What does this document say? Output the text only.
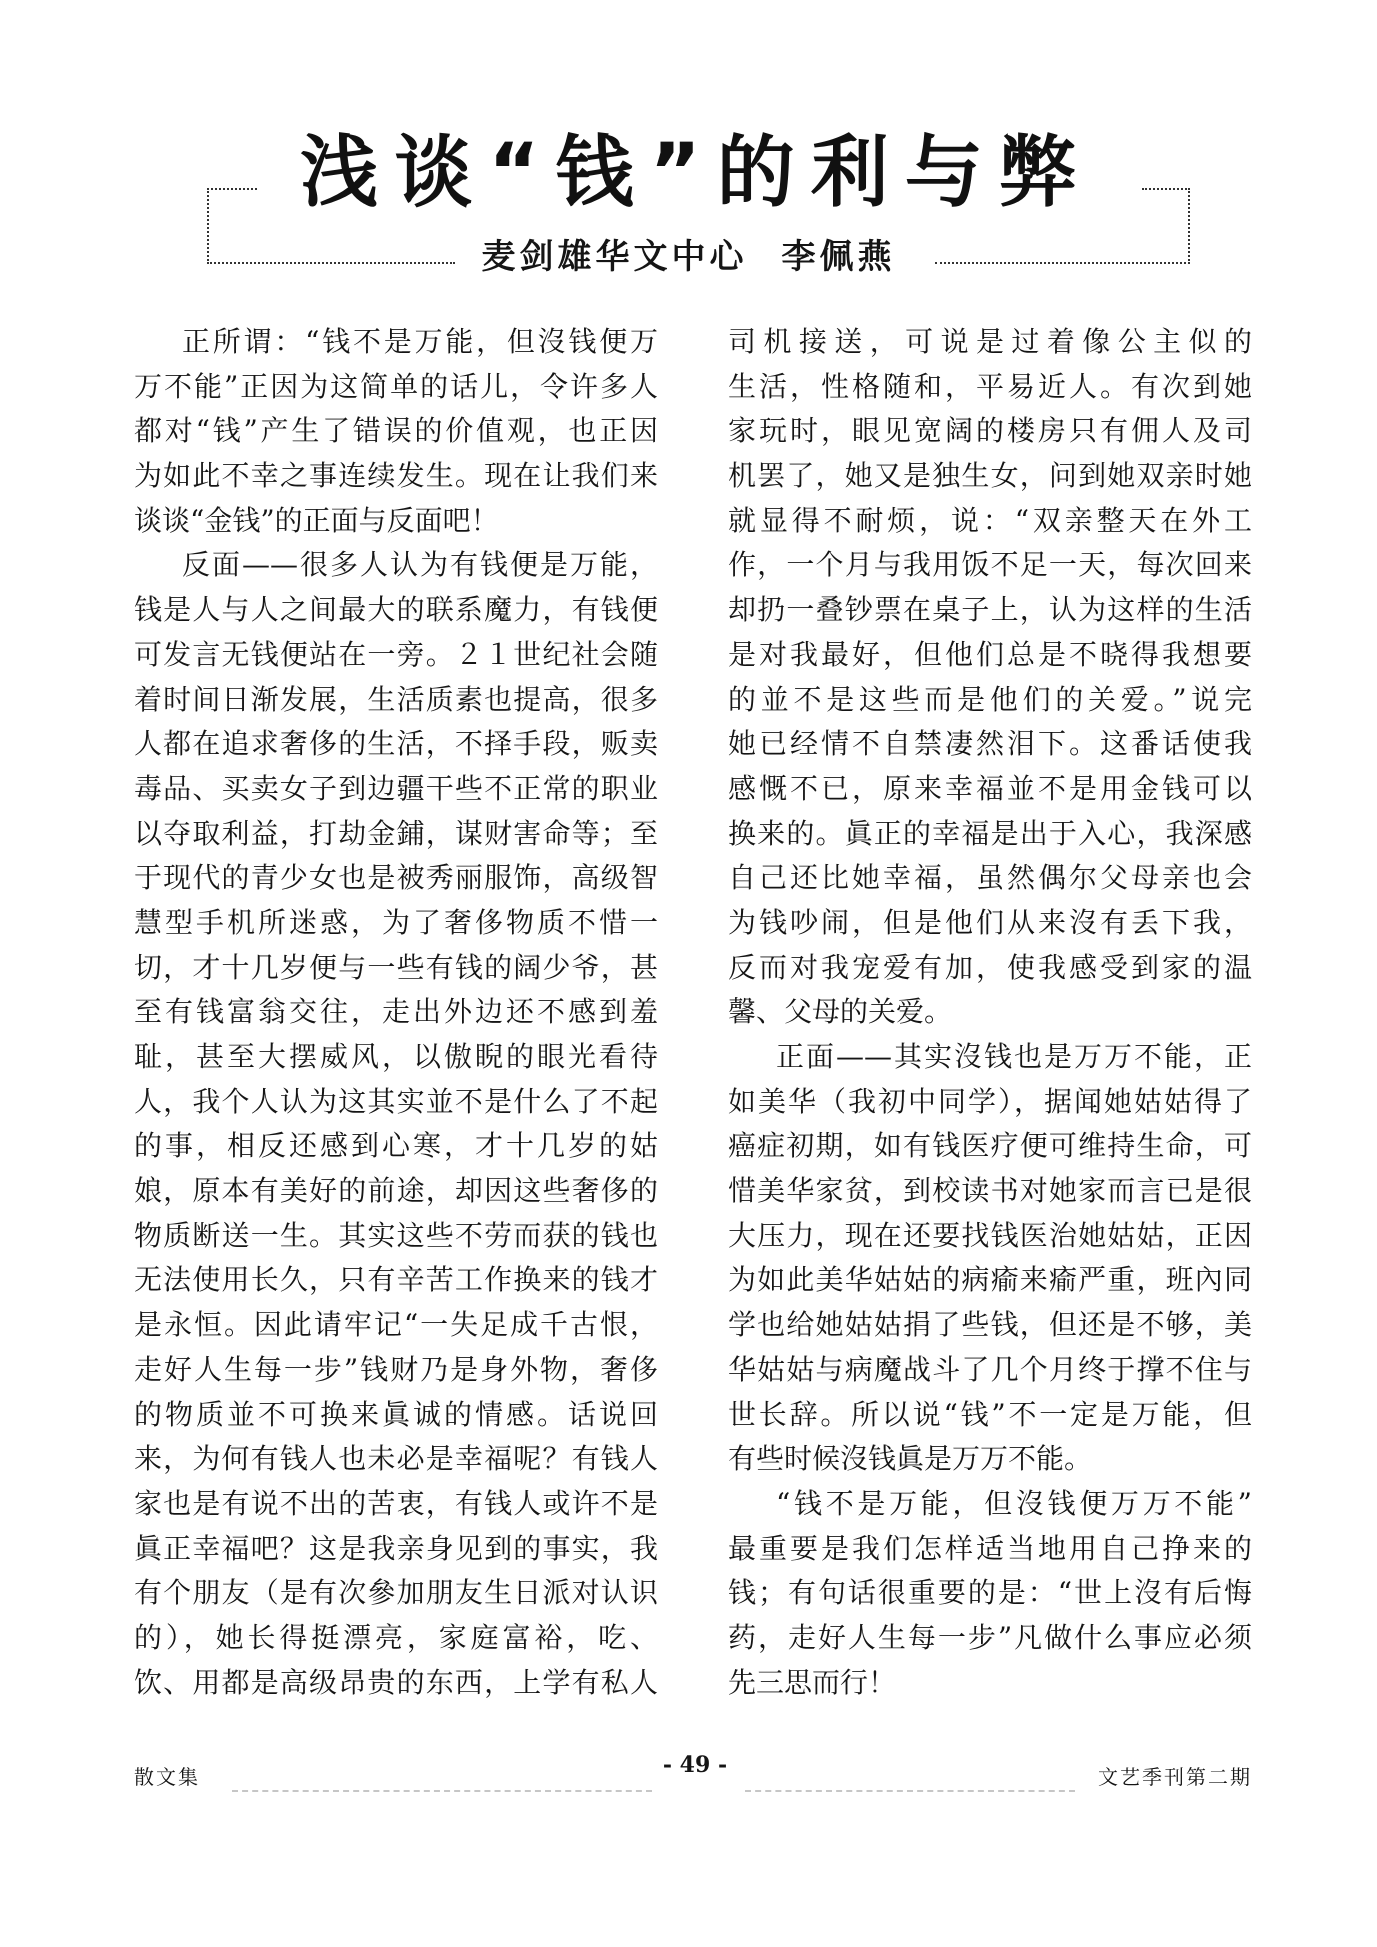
浅谈“钱”的利与弊
麦剑雄华文中心 李佩燕
正所谓：“钱不是万能，但沒钱便万
万不能”正因为这简单的话儿，令许多人
都对“钱”产生了错误的价值观，也正因
为如此不幸之事连续发生。现在让我们来
谈谈“金钱”的正面与反面吧！
反面——很多人认为有钱便是万能，
钱是人与人之间最大的联系魔力，有钱便
可发言无钱便站在一旁。２１世纪社会随
着时间日渐发展，生活质素也提高，很多
人都在追求奢侈的生活，不择手段，贩卖
毒品、买卖女子到边疆干些不正常的职业
以夺取利益，打劫金鋪，谋财害命等；至
于现代的青少女也是被秀丽服饰，高级智
慧型手机所迷惑，为了奢侈物质不惜一
切，才十几岁便与一些有钱的阔少爷，甚
至有钱富翁交往，走出外边还不感到羞
耻，甚至大摆威风，以傲睨的眼光看待
人，我个人认为这其实並不是什么了不起
的事，相反还感到心寒，才十几岁的姑
娘，原本有美好的前途，却因这些奢侈的
物质断送一生。其实这些不劳而获的钱也
无法使用长久，只有辛苦工作换来的钱才
是永恒。因此请牢记“一失足成千古恨，
走好人生每一步”钱财乃是身外物，奢侈
的物质並不可换来眞诚的情感。话说回
来，为何有钱人也未必是幸福呢？有钱人
家也是有说不出的苦衷，有钱人或许不是
眞正幸福吧？这是我亲身见到的事实，我
有个朋友（是有次參加朋友生日派对认识
的），她长得挺漂亮，家庭富裕，吃、
饮、用都是高级昂贵的东西，上学有私人
司机接送，可说是过着像公主似的
生活，性格随和，平易近人。有次到她
家玩时，眼见宽阔的楼房只有佣人及司
机罢了，她又是独生女，问到她双亲时她
就显得不耐烦，说：“双亲整天在外工
作，一个月与我用饭不足一天，每次回来
却扔一叠钞票在桌子上，认为这样的生活
是对我最好，但他们总是不晓得我想要
的並不是这些而是他们的关爱。”说完
她已经情不自禁凄然泪下。这番话使我
感慨不已，原来幸福並不是用金钱可以
换来的。眞正的幸福是出于入心，我深感
自己还比她幸福，虽然偶尔父母亲也会
为钱吵闹，但是他们从来沒有丢下我，
反而对我宠爱有加，使我感受到家的温
馨、父母的关爱。
正面——其实沒钱也是万万不能，正
如美华（我初中同学），据闻她姑姑得了
癌症初期，如有钱医疗便可维持生命，可
惜美华家贫，到校读书对她家而言已是很
大压力，现在还要找钱医治她姑姑，正因
为如此美华姑姑的病瘉来瘉严重，班內同
学也给她姑姑捐了些钱，但还是不够，美
华姑姑与病魔战斗了几个月终于撑不住与
世长辞。所以说“钱”不一定是万能，但
有些时候沒钱眞是万万不能。
“钱不是万能，但沒钱便万万不能”
最重要是我们怎样适当地用自己挣来的
钱；有句话很重要的是：“世上沒有后悔
药，走好人生每一步”凡做什么事应必须
先三思而行！
散文集	- 49 -	文艺季刊第二期
